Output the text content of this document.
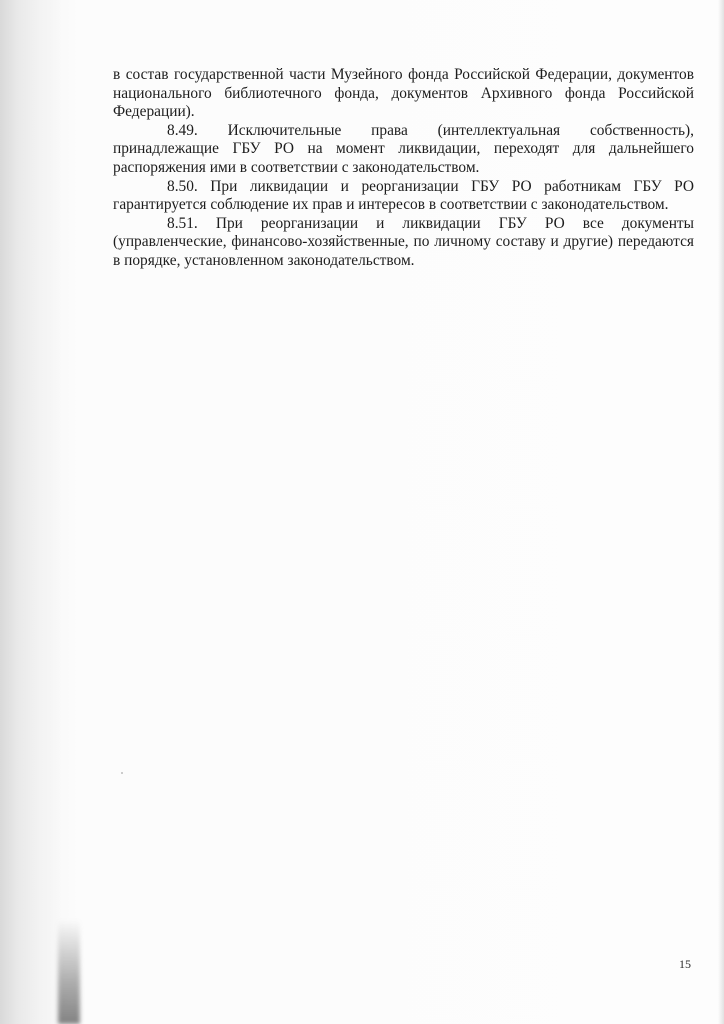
в состав государственной части Музейного фонда Российской Федерации, документов национального библиотечного фонда, документов Архивного фонда Российской Федерации).

8.49. Исключительные права (интеллектуальная собственность), принадлежащие ГБУ РО на момент ликвидации, переходят для дальнейшего распоряжения ими в соответствии с законодательством.

8.50. При ликвидации и реорганизации ГБУ РО работникам ГБУ РО гарантируется соблюдение их прав и интересов в соответствии с законодательством.

8.51. При реорганизации и ликвидации ГБУ РО все документы (управленческие, финансово-хозяйственные, по личному составу и другие) передаются в порядке, установленном законодательством.

15
